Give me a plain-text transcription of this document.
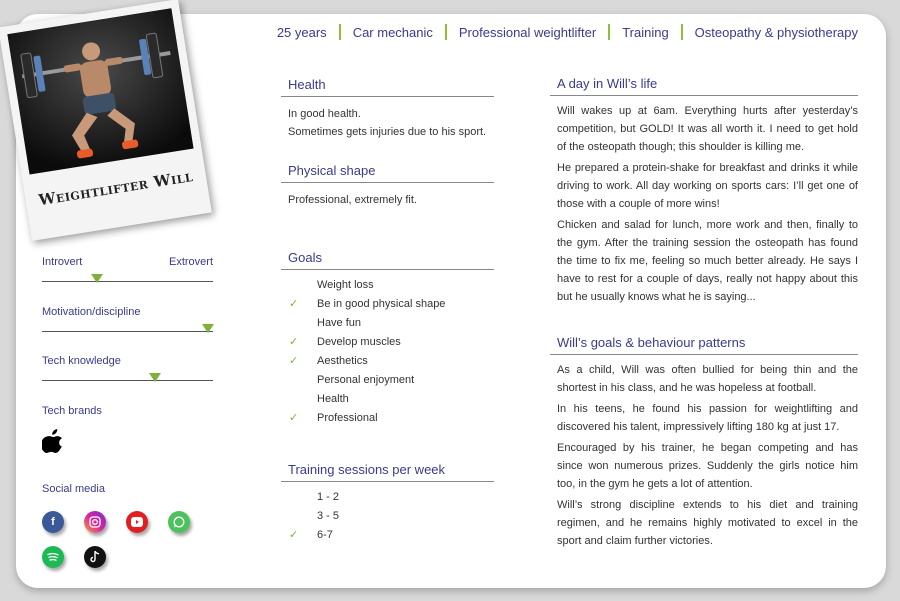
25 years	Car mechanic	Professional weightlifter	Training	Osteopathy & physiotherapy
Weightlifter Will
Introvert	Extrovert
Motivation/discipline
Tech knowledge
Tech brands
Social media
f
Health
In good health.
Sometimes gets injuries due to his sport.
Physical shape
Professional, extremely fit.
Goals
Weight loss
✓ Be in good physical shape
Have fun
✓ Develop muscles
✓ Aesthetics
Personal enjoyment
Health
✓ Professional
Training sessions per week
1 - 2
3 - 5
✓ 6-7
A day in Will’s life

Will wakes up at 6am. Everything hurts after yesterday’s competition, but GOLD! It was all worth it. I need to get hold of the osteopath though; this shoulder is killing me.

He prepared a protein-shake for breakfast and drinks it while driving to work. All day working on sports cars: I’ll get one of those with a couple of more wins!

Chicken and salad for lunch, more work and then, finally to the gym. After the training session the osteopath has found the time to fix me, feeling so much better already. He says I have to rest for a couple of days, really not happy about this but he usually knows what he is saying...

Will’s goals & behaviour patterns

As a child, Will was often bullied for being thin and the shortest in his class, and he was hopeless at football.

In his teens, he found his passion for weightlifting and discovered his talent, impressively lifting 180 kg at just 17.

Encouraged by his trainer, he began competing and has since won numerous prizes. Suddenly the girls notice him too, in the gym he gets a lot of attention.

Will’s strong discipline extends to his diet and training regimen, and he remains highly motivated to excel in the sport and claim further victories.
